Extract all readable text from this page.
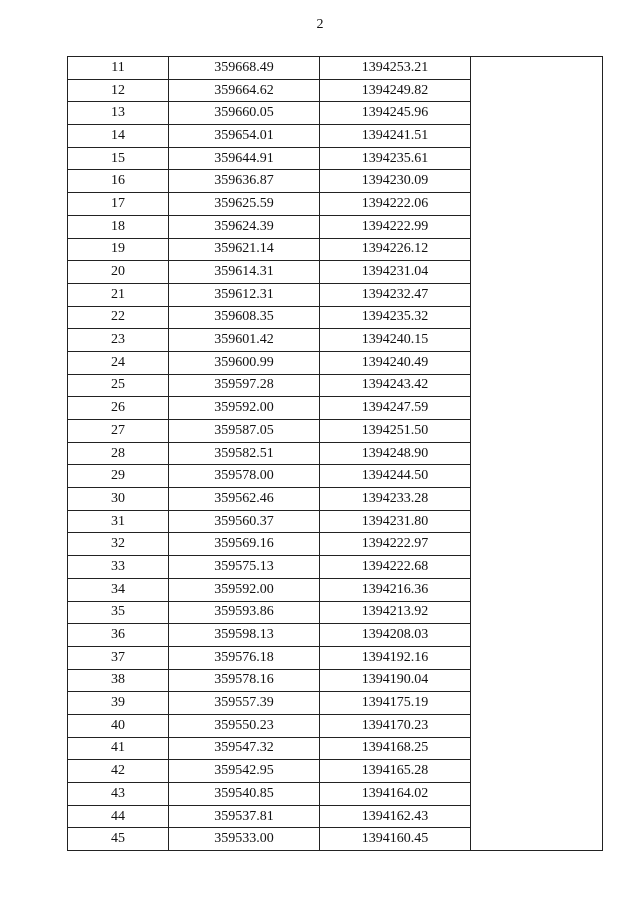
2
11	359668.49	1394253.21	
12	359664.62	1394249.82	
13	359660.05	1394245.96	
14	359654.01	1394241.51	
15	359644.91	1394235.61	
16	359636.87	1394230.09	
17	359625.59	1394222.06	
18	359624.39	1394222.99	
19	359621.14	1394226.12	
20	359614.31	1394231.04	
21	359612.31	1394232.47	
22	359608.35	1394235.32	
23	359601.42	1394240.15	
24	359600.99	1394240.49	
25	359597.28	1394243.42	
26	359592.00	1394247.59	
27	359587.05	1394251.50	
28	359582.51	1394248.90	
29	359578.00	1394244.50	
30	359562.46	1394233.28	
31	359560.37	1394231.80	
32	359569.16	1394222.97	
33	359575.13	1394222.68	
34	359592.00	1394216.36	
35	359593.86	1394213.92	
36	359598.13	1394208.03	
37	359576.18	1394192.16	
38	359578.16	1394190.04	
39	359557.39	1394175.19	
40	359550.23	1394170.23	
41	359547.32	1394168.25	
42	359542.95	1394165.28	
43	359540.85	1394164.02	
44	359537.81	1394162.43	
45	359533.00	1394160.45	
